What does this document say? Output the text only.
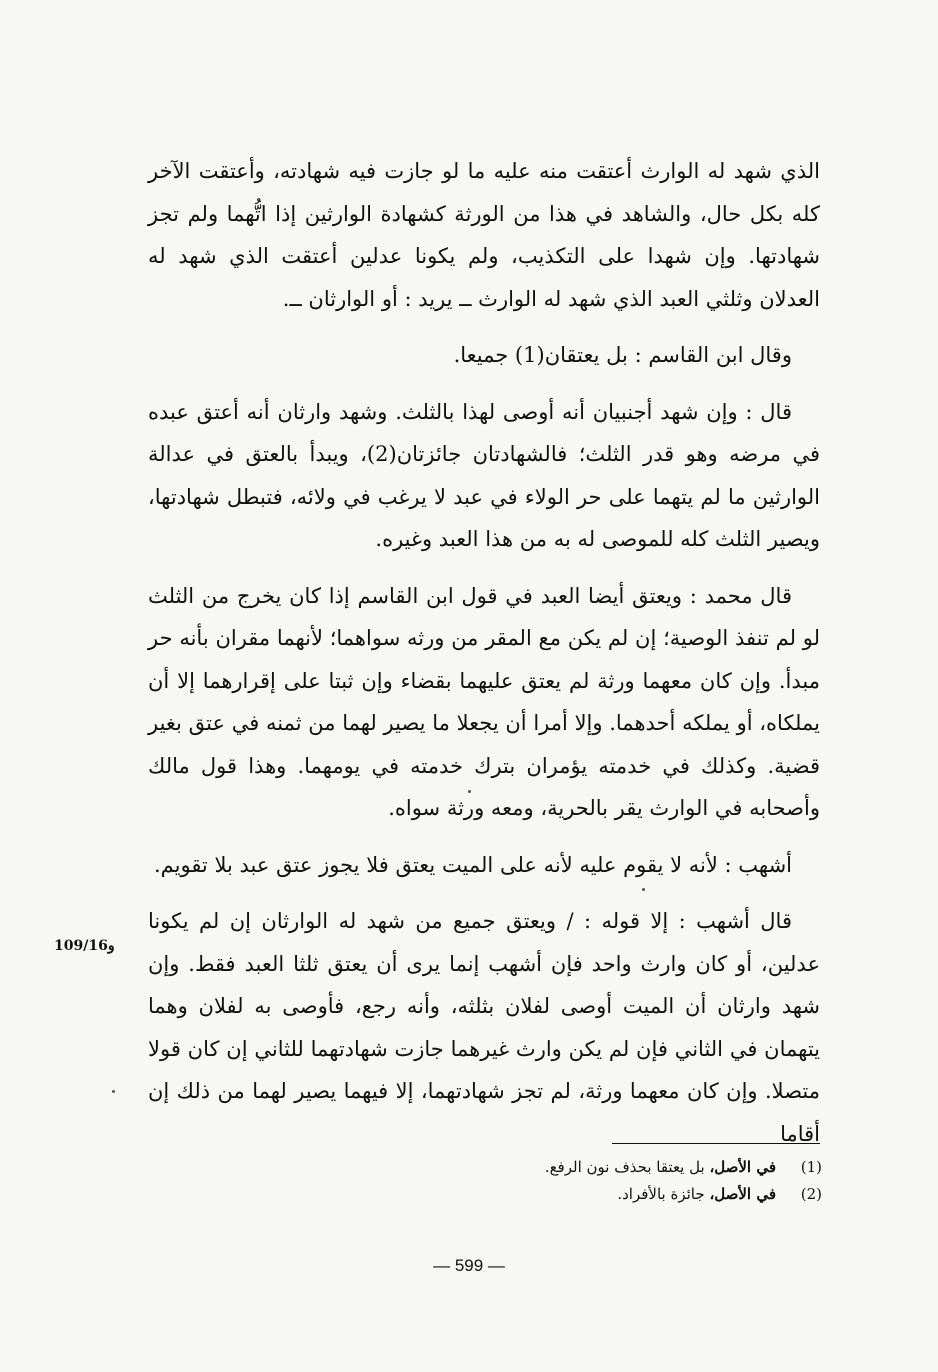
الذي شهد له الوارث أعتقت منه عليه ما لو جازت فيه شهادته، وأعتقت الآخر كله بكل حال، والشاهد في هذا من الورثة كشهادة الوارثين إذا اتُّهما ولم تجز شهادتها. وإن شهدا على التكذيب، ولم يكونا عدلين أعتقت الذي شهد له العدلان وثلثي العبد الذي شهد له الوارث ــ يريد : أو الوارثان ــ.

وقال ابن القاسم : بل يعتقان(1) جميعا.

قال : وإن شهد أجنبيان أنه أوصى لهذا بالثلث. وشهد وارثان أنه أعتق عبده في مرضه وهو قدر الثلث؛ فالشهادتان جائزتان(2)، ويبدأ بالعتق في عدالة الوارثين ما لم يتهما على حر الولاء في عبد لا يرغب في ولائه، فتبطل شهادتها، ويصير الثلث كله للموصى له به من هذا العبد وغيره.

قال محمد : ويعتق أيضا العبد في قول ابن القاسم إذا كان يخرج من الثلث لو لم تنفذ الوصية؛ إن لم يكن مع المقر من ورثه سواهما؛ لأنهما مقران بأنه حر مبدأ. وإن كان معهما ورثة لم يعتق عليهما بقضاء وإن ثبتا على إقرارهما إلا أن يملكاه، أو يملكه أحدهما. وإلا أمرا أن يجعلا ما يصير لهما من ثمنه في عتق بغير قضية. وكذلك في خدمته يؤمران بترك خدمته في يومهما. وهذا قول مالك وأصحابه في الوارث يقر بالحرية، ومعه ورثة سواه.

أشهب : لأنه لا يقوم عليه لأنه على الميت يعتق فلا يجوز عتق عبد بلا تقويم.

قال أشهب : إلا قوله : / ويعتق جميع من شهد له الوارثان إن لم يكونا عدلين، أو كان وارث واحد فإن أشهب إنما يرى أن يعتق ثلثا العبد فقط. وإن شهد وارثان أن الميت أوصى لفلان بثلثه، وأنه رجع، فأوصى به لفلان وهما يتهمان في الثاني فإن لم يكن وارث غيرهما جازت شهادتهما للثاني إن كان قولا متصلا. وإن كان معهما ورثة، لم تجز شهادتهما، إلا فيهما يصير لهما من ذلك إن أقاما

109/16و
(1)
في الأصل، بل يعتقا بحذف نون الرفع.
(2)
في الأصل، جائزة بالأفراد.
— 599 —
